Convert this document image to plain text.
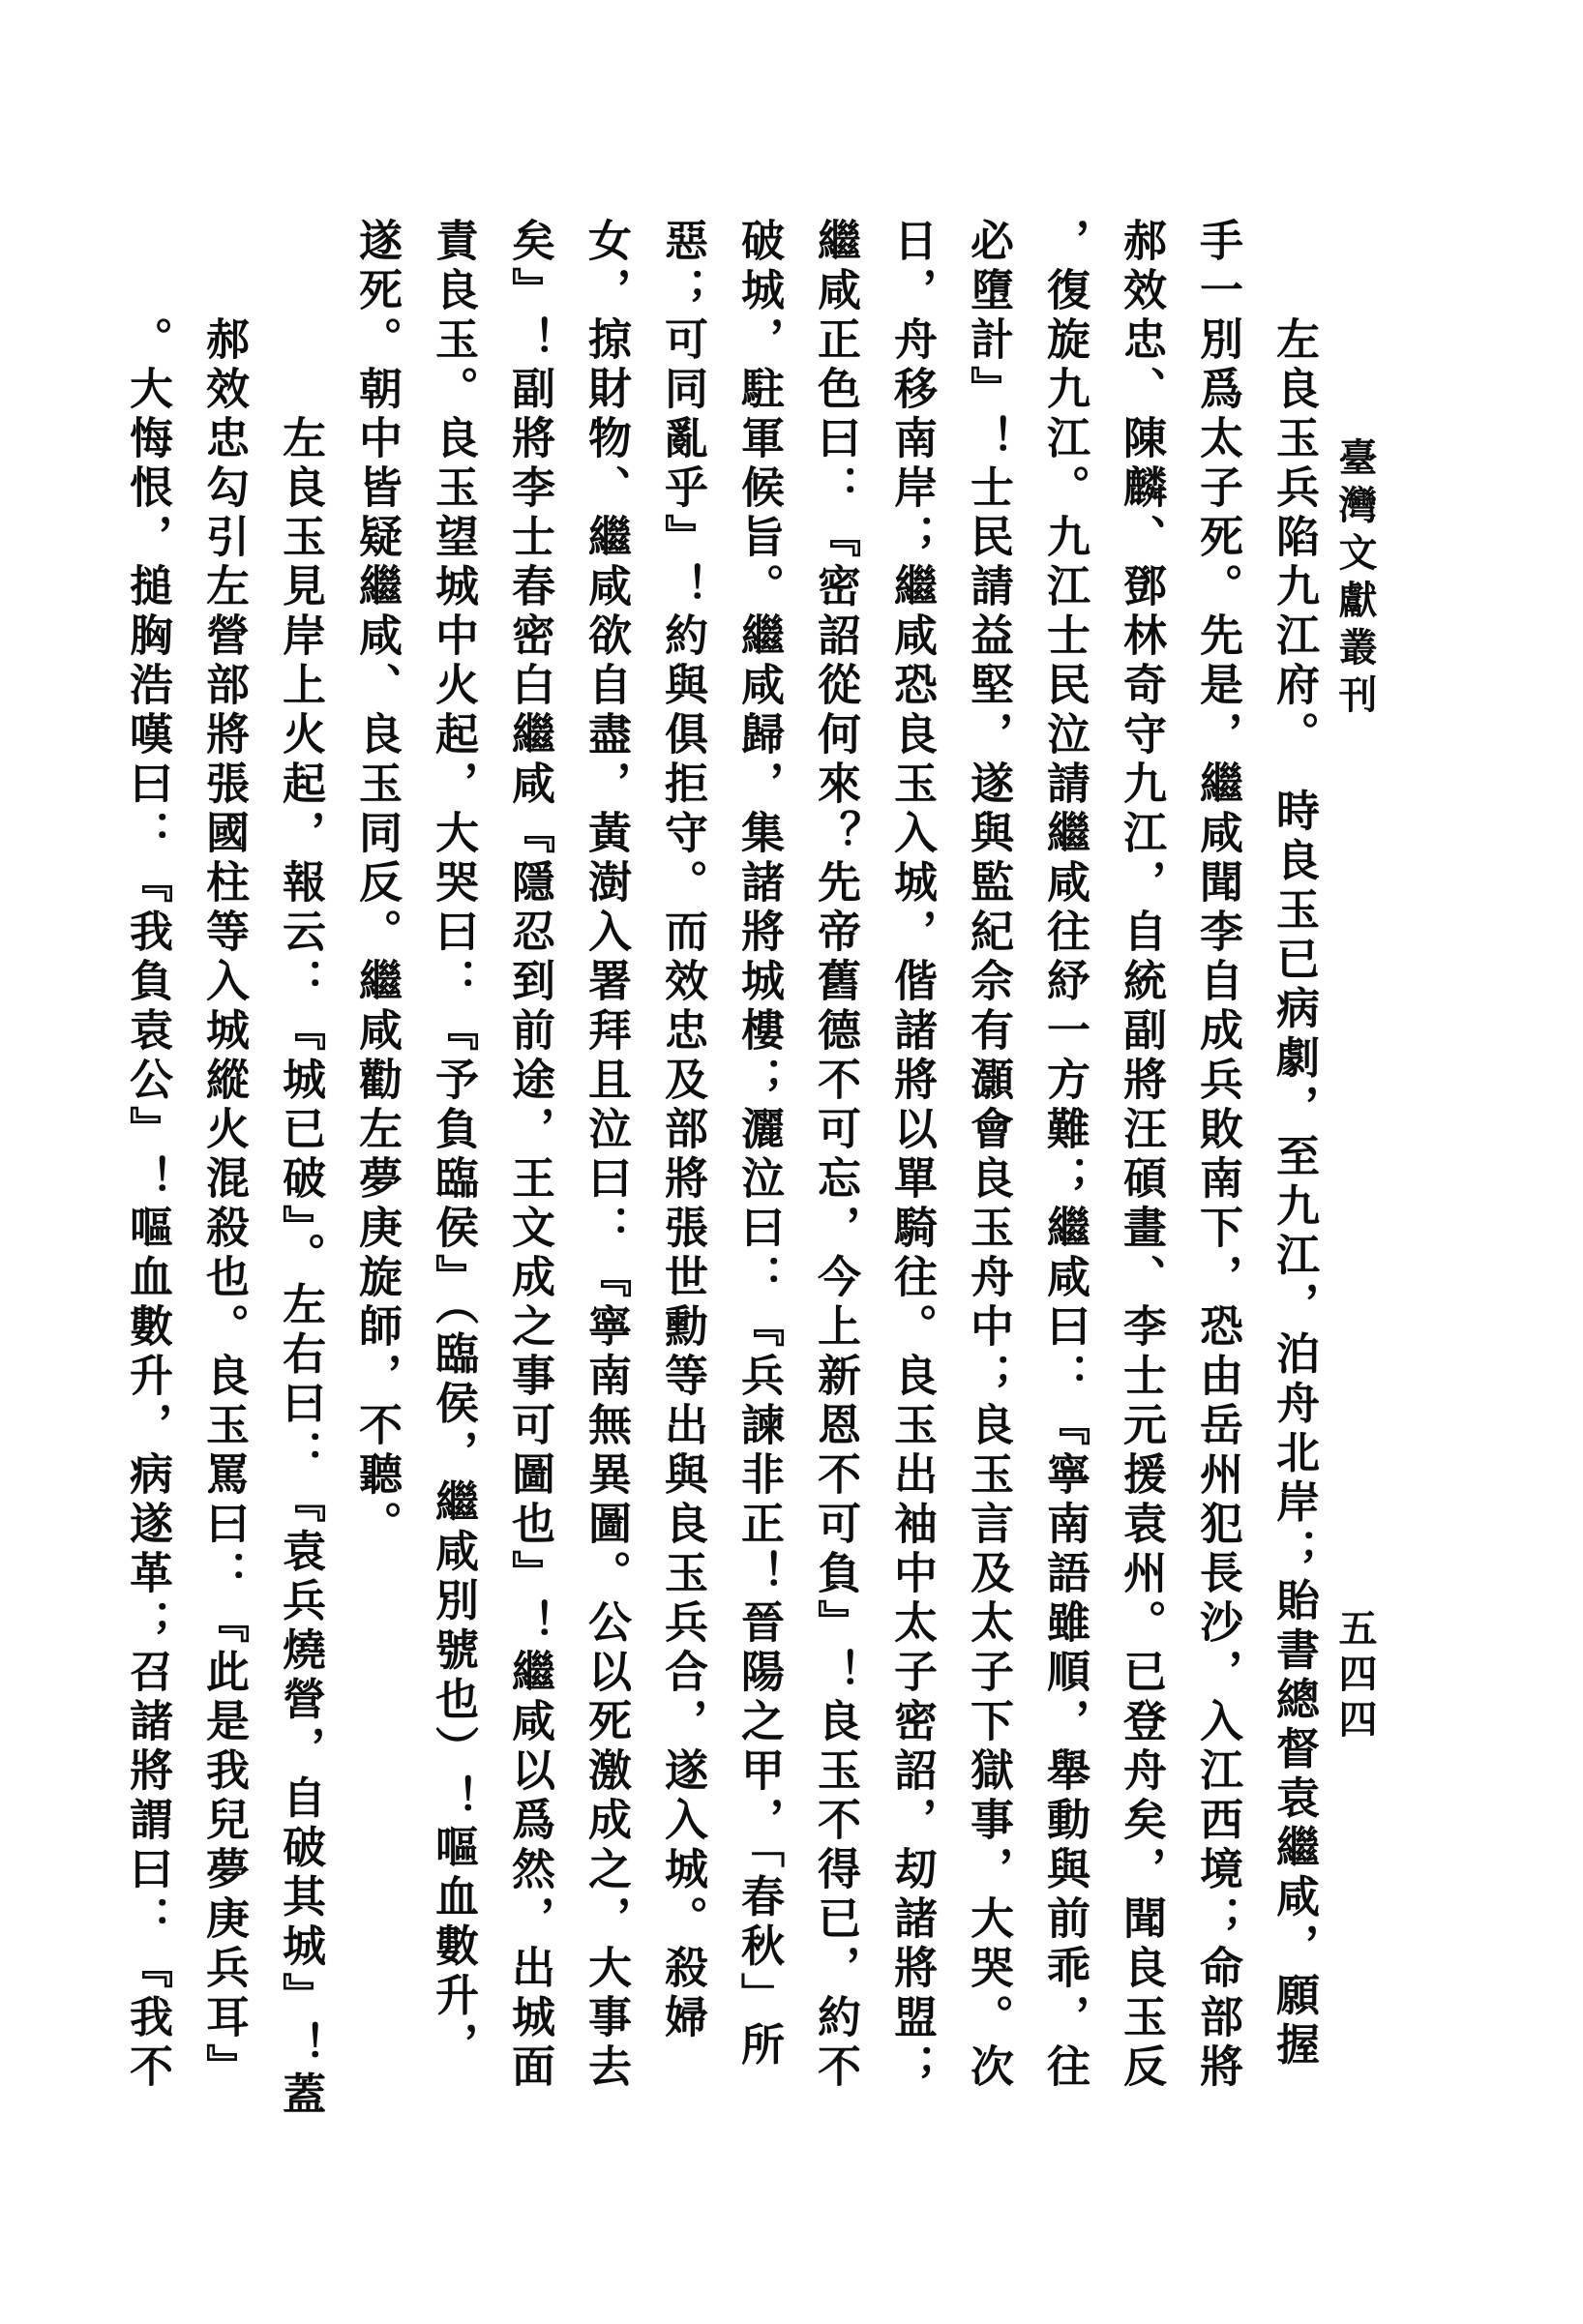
臺灣文獻叢刊
五四四
左良玉兵陷九江府。　時良玉已病劇，至九江，泊舟北岸；貽書總督袁繼咸，願握
手一別爲太子死。先是，繼咸聞李自成兵敗南下，恐由岳州犯長沙，入江西境；命部將
郝效忠、陳麟、鄧林奇守九江，自統副將汪碩畫、李士元援袁州。已登舟矣，聞良玉反
，復旋九江。九江士民泣請繼咸往紓一方難；繼咸曰：『寧南語雖順，舉動與前乖，往
必墮計』！士民請益堅，遂與監紀佘有灝會良玉舟中；良玉言及太子下獄事，大哭。次
日，舟移南岸；繼咸恐良玉入城，偕諸將以單騎往。良玉出袖中太子密詔，刧諸將盟；
繼咸正色曰：『密詔從何來？先帝舊德不可忘，今上新恩不可負』！良玉不得已，約不
破城，駐軍候旨。繼咸歸，集諸將城樓；灑泣曰：『兵諫非正！晉陽之甲，「春秋」所
惡；可同亂乎』！約與俱拒守。而效忠及部將張世勳等出與良玉兵合，遂入城。殺婦
女，掠財物、繼咸欲自盡，黃澍入署拜且泣曰：『寧南無異圖。公以死激成之，大事去
矣』！副將李士春密白繼咸『隱忍到前途，王文成之事可圖也』！繼咸以爲然，出城面
責良玉。良玉望城中火起，大哭曰：『予負臨侯』（臨侯，繼咸別號也）！嘔血數升，
遂死。朝中皆疑繼咸、良玉同反。繼咸勸左夢庚旋師，不聽。
左良玉見岸上火起，報云：『城已破』。左右曰：『袁兵燒營，自破其城』！蓋
郝效忠勾引左營部將張國柱等入城縱火混殺也。良玉罵曰：『此是我兒夢庚兵耳』
。大悔恨，搥胸浩嘆曰：『我負袁公』！嘔血數升，病遂革；召諸將謂曰：『我不
